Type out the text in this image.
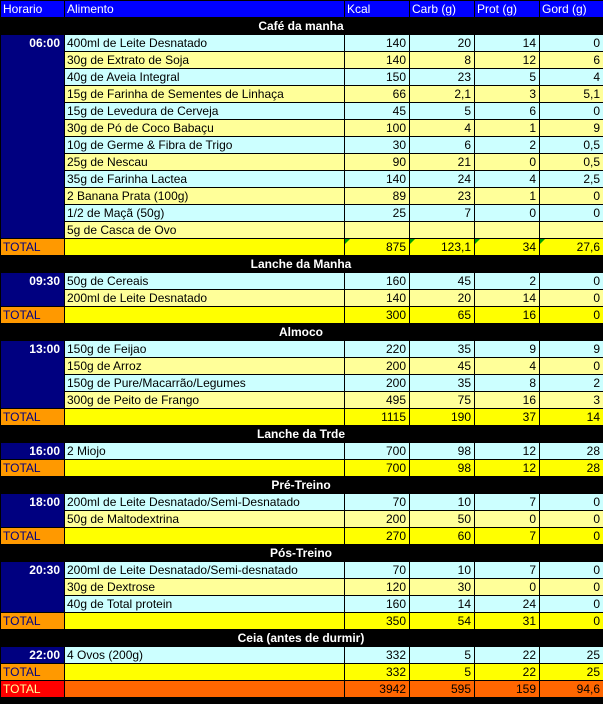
Horario	Alimento	Kcal	Carb (g)	Prot (g)	Gord (g)
Café da manha					
06:00	400ml de Leite Desnatado	140	20	14	0
	30g de Extrato de Soja	140	8	12	6
	40g de Aveia Integral	150	23	5	4
	15g de Farinha de Sementes de Linhaça	66	2,1	3	5,1
	15g de Levedura de Cerveja	45	5	6	0
	30g de Pó de Coco Babaçu	100	4	1	9
	10g de Germe & Fibra de Trigo	30	6	2	0,5
	25g de Nescau	90	21	0	0,5
	35g de Farinha Lactea	140	24	4	2,5
	2 Banana Prata (100g)	89	23	1	0
	1/2 de Maçã (50g)	25	7	0	0
	5g de Casca de Ovo				
TOTAL		875	123,1	34	27,6
Lanche da Manha					
09:30	50g de Cereais	160	45	2	0
	200ml de Leite Desnatado	140	20	14	0
TOTAL		300	65	16	0
Almoco					
13:00	150g de Feijao	220	35	9	9
	150g de Arroz	200	45	4	0
	150g de Pure/Macarrão/Legumes	200	35	8	2
	300g de Peito de Frango	495	75	16	3
TOTAL		1115	190	37	14
Lanche da Trde					
16:00	2 Miojo	700	98	12	28
TOTAL		700	98	12	28
Pré-Treino					
18:00	200ml de Leite Desnatado/Semi-Desnatado	70	10	7	0
	50g de Maltodextrina	200	50	0	0
TOTAL		270	60	7	0
Pós-Treino					
20:30	200ml de Leite Desnatado/Semi-desnatado	70	10	7	0
	30g de Dextrose	120	30	0	0
	40g de Total protein	160	14	24	0
TOTAL		350	54	31	0
Ceia (antes de durmir)					
22:00	4 Ovos (200g)	332	5	22	25
TOTAL		332	5	22	25
TOTAL		3942	595	159	94,6
